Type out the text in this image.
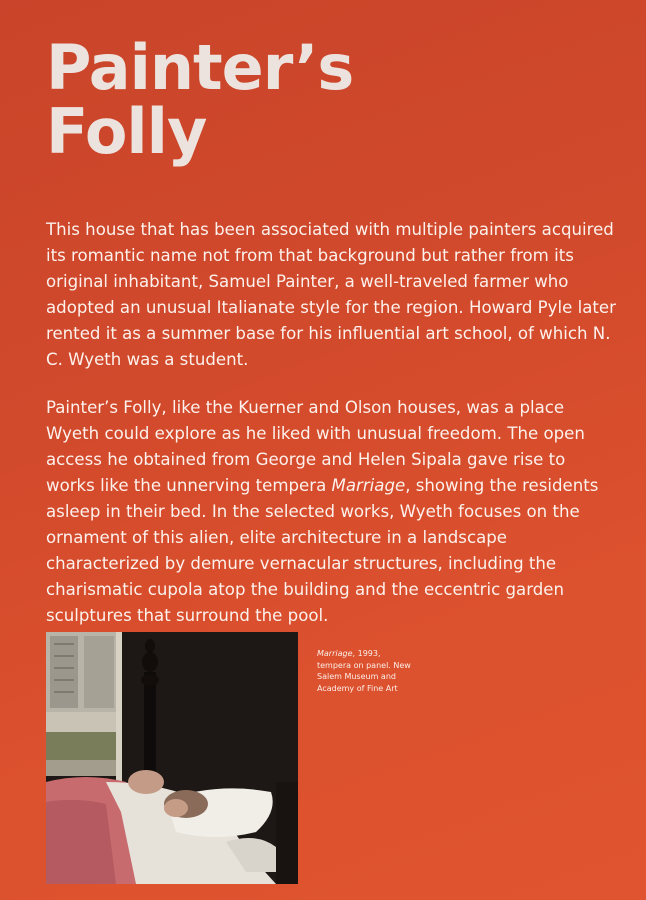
Painter’s
Folly

This house that has been associated with multiple painters acquired its romantic name not from that background but rather from its original inhabitant, Samuel Painter, a well-traveled farmer who adopted an unusual Italianate style for the region. Howard Pyle later rented it as a summer base for his influential art school, of which N. C. Wyeth was a student.

Painter’s Folly, like the Kuerner and Olson houses, was a place Wyeth could explore as he liked with unusual freedom. The open access he obtained from George and Helen Sipala gave rise to works like the unnerving tempera Marriage, showing the residents asleep in their bed. In the selected works, Wyeth focuses on the ornament of this alien, elite architecture in a landscape characterized by demure vernacular structures, including the charismatic cupola atop the building and the eccentric garden sculptures that surround the pool.

Marriage, 1993,
tempera on panel. New
Salem Museum and
Academy of Fine Art
